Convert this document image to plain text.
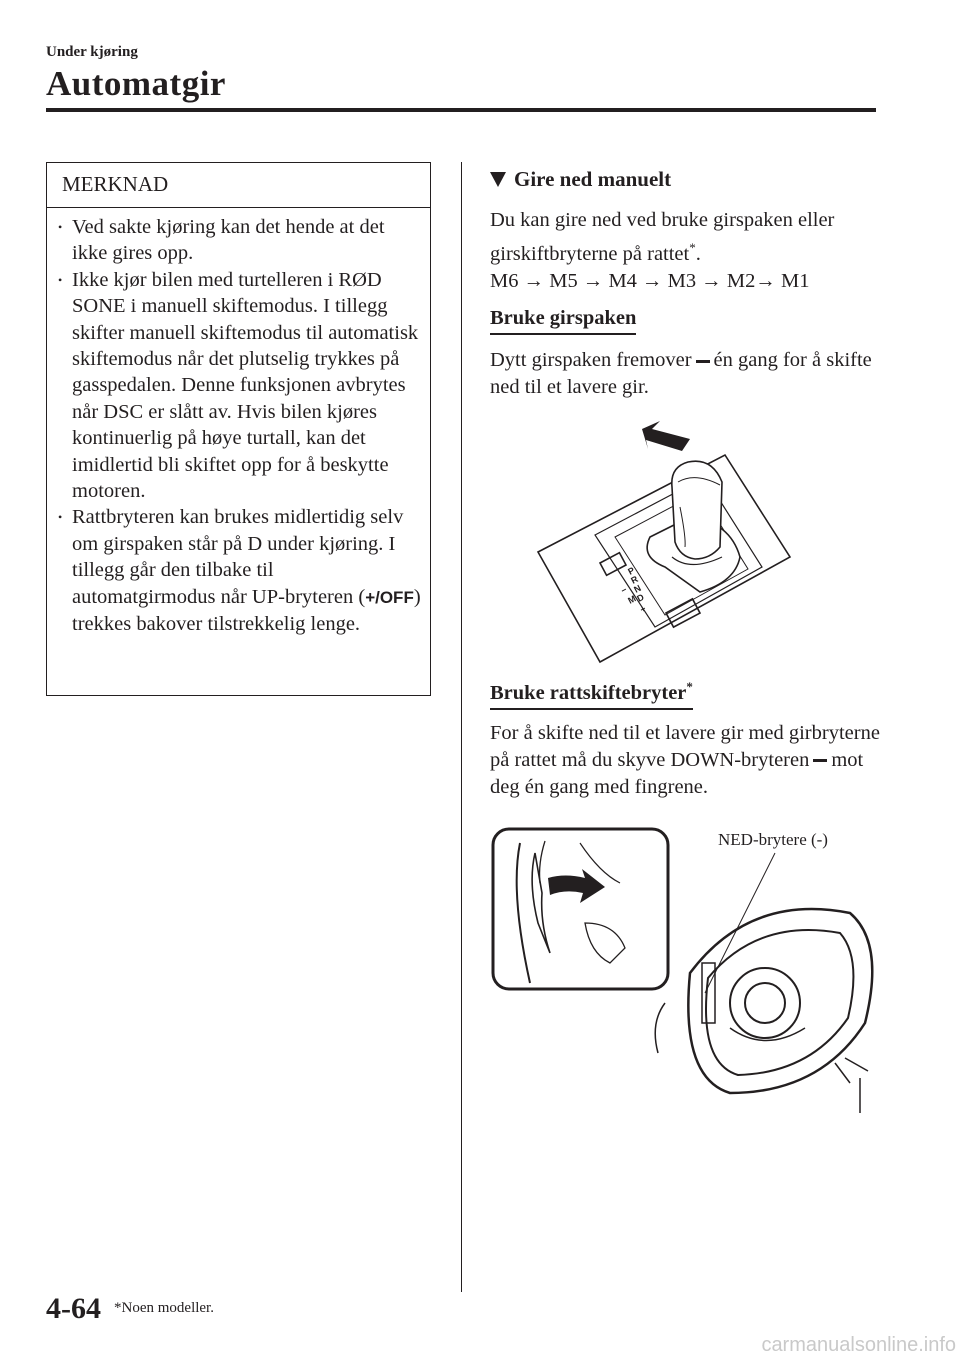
Under kjøring
Automatgir
MERKNAD
• Ved sakte kjøring kan det hende at det ikke gires opp.
• Ikke kjør bilen med turtelleren i RØD SONE i manuell skiftemodus. I tillegg skifter manuell skiftemodus til automatisk skiftemodus når det plutselig trykkes på gasspedalen. Denne funksjonen avbrytes når DSC er slått av. Hvis bilen kjøres kontinuerlig på høye turtall, kan det imidlertid bli skiftet opp for å beskytte motoren.
• Rattbryteren kan brukes midlertidig selv om girspaken står på D under kjøring. I tillegg går den tilbake til automatgirmodus når UP-bryteren (+/OFF) trekkes bakover tilstrekkelig lenge.
Gire ned manuelt

Du kan gire ned ved bruke girspaken eller girskiftbryterne på rattet*.

M6 → M5 → M4 → M3 → M2→ M1

Bruke girspaken

Dytt girspaken fremover én gang for å skifte ned til et lavere gir.

P
R
N
D
M
−
+
Bruke rattskiftebryter*

For å skifte ned til et lavere gir med girbryterne på rattet må du skyve DOWN-bryteren mot deg én gang med fingrene.

NED-brytere (-)
4-64 *Noen modeller.
carmanualsonline.info
